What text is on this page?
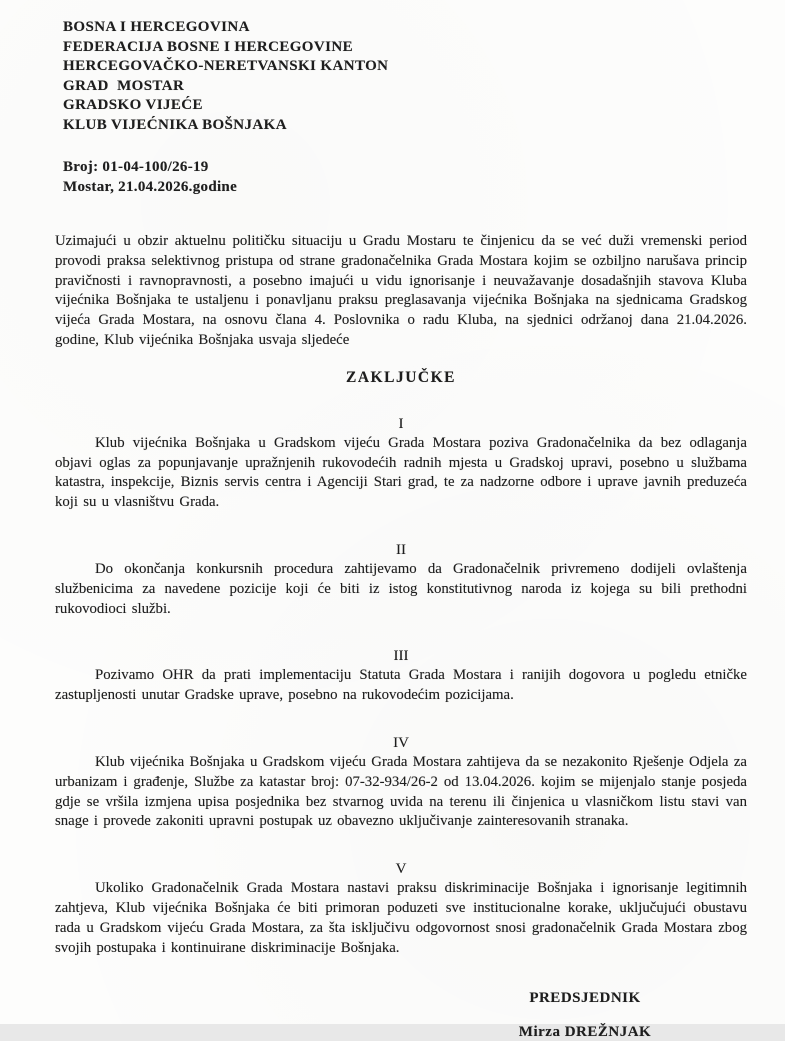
BOSNA I HERCEGOVINA
FEDERACIJA BOSNE I HERCEGOVINE
HERCEGOVAČKO-NERETVANSKI KANTON
GRAD  MOSTAR
GRADSKO VIJEĆE
KLUB VIJEĆNIKA BOŠNJAKA
Broj: 01-04-100/26-19
Mostar, 21.04.2026.godine

Uzimajući u obzir aktuelnu političku situaciju u Gradu Mostaru te činjenicu da se već duži vremenski period provodi praksa selektivnog pristupa od strane gradonačelnika Grada Mostara kojim se ozbiljno narušava princip pravičnosti i ravnopravnosti, a posebno imajući u vidu ignorisanje i neuvažavanje dosadašnjih stavova Kluba vijećnika Bošnjaka te ustaljenu i ponavljanu praksu preglasavanja vijećnika Bošnjaka na sjednicama Gradskog vijeća Grada Mostara, na osnovu člana 4. Poslovnika o radu Kluba, na sjednici održanoj dana 21.04.2026. godine, Klub vijećnika Bošnjaka usvaja sljedeće

ZAKLJUČKE
I

Klub vijećnika Bošnjaka u Gradskom vijeću Grada Mostara poziva Gradonačelnika da bez odlaganja objavi oglas za popunjavanje upražnjenih rukovodećih radnih mjesta u Gradskoj upravi, posebno u službama katastra, inspekcije, Biznis servis centra i Agenciji Stari grad, te za nadzorne odbore i uprave javnih preduzeća koji su u vlasništvu Grada.

II

Do okončanja konkursnih procedura zahtijevamo da Gradonačelnik privremeno dodijeli ovlaštenja službenicima za navedene pozicije koji će biti iz istog konstitutivnog naroda iz kojega su bili prethodni rukovodioci službi.

III

Pozivamo OHR da prati implementaciju Statuta Grada Mostara i ranijih dogovora u pogledu etničke zastupljenosti unutar Gradske uprave, posebno na rukovodećim pozicijama.

IV

Klub vijećnika Bošnjaka u Gradskom vijeću Grada Mostara zahtijeva da se nezakonito Rješenje Odjela za urbanizam i građenje, Službe za katastar broj: 07-32-934/26-2 od 13.04.2026. kojim se mijenjalo stanje posjeda gdje se vršila izmjena upisa posjednika bez stvarnog uvida na terenu ili činjenica u vlasničkom listu stavi van snage i provede zakoniti upravni postupak uz obavezno uključivanje zainteresovanih stranaka.

V

Ukoliko Gradonačelnik Grada Mostara nastavi praksu diskriminacije Bošnjaka i ignorisanje legitimnih zahtjeva, Klub vijećnika Bošnjaka će biti primoran poduzeti sve institucionalne korake, uključujući obustavu rada u Gradskom vijeću Grada Mostara, za šta isključivu odgovornost snosi gradonačelnik Grada Mostara zbog svojih postupaka i kontinuirane diskriminacije Bošnjaka.

PREDSJEDNIK
Mirza DREŽNJAK
